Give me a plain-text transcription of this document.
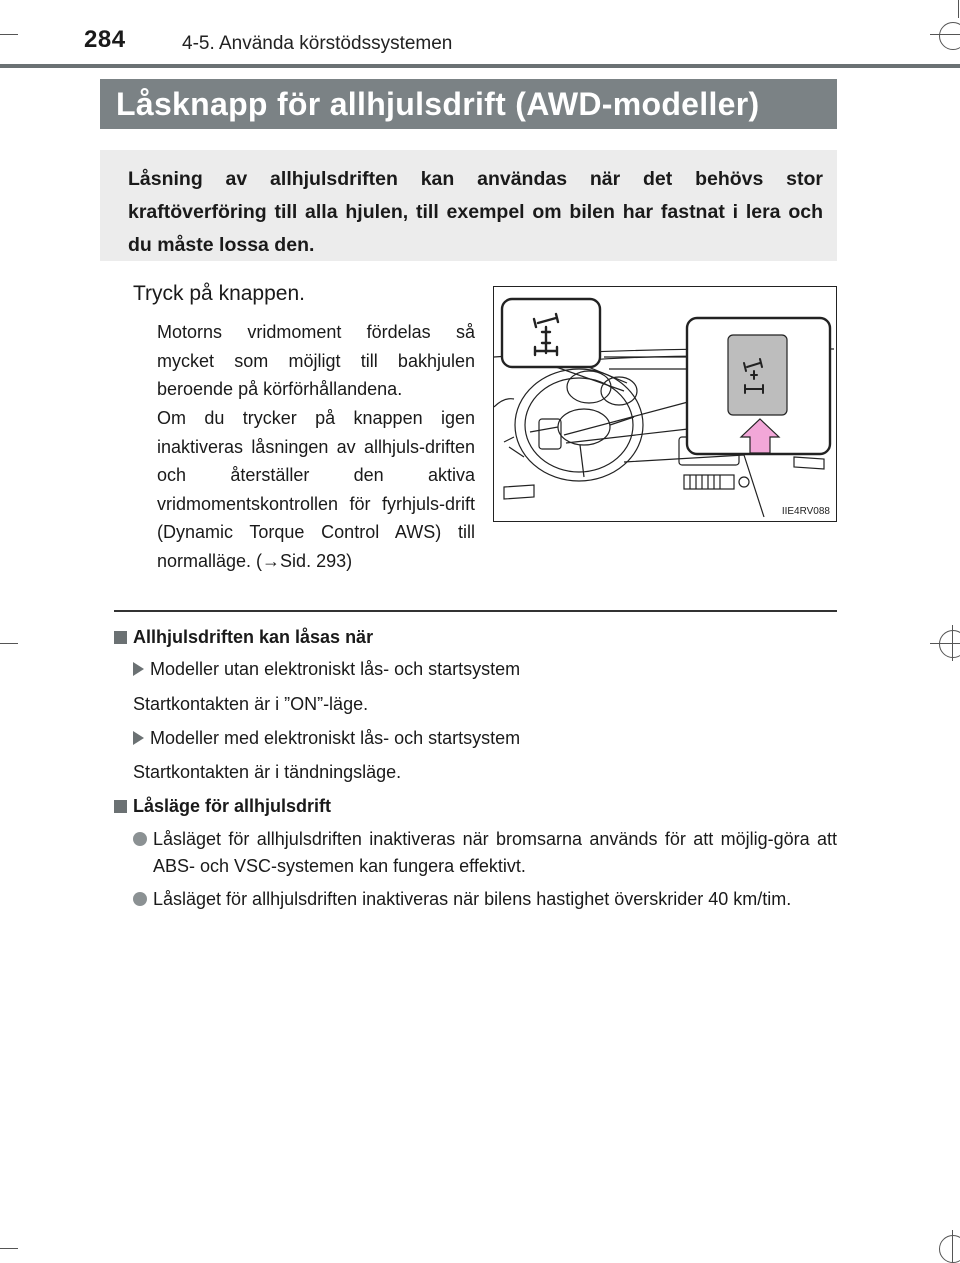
284	4-5. Använda körstödssystemen
Låsknapp för allhjulsdrift (AWD-modeller)
Låsning av allhjulsdriften kan användas när det behövs stor kraftöverföring till alla hjulen, till exempel om bilen har fastnat i lera och du måste lossa den.
Tryck på knappen.
Motorns vridmoment fördelas så mycket som möjligt till bakhjulen beroende på körförhållandena.
Om du trycker på knappen igen inaktiveras låsningen av allhjuls-driften och återställer den aktiva vridmomentskontrollen för fyrhjuls-drift (Dynamic Torque Control AWS) till normalläge. (→Sid. 293)
IIE4RV088
Allhjulsdriften kan låsas när
Modeller utan elektroniskt lås- och startsystem
Startkontakten är i ”ON”-läge.
Modeller med elektroniskt lås- och startsystem
Startkontakten är i tändningsläge.
Låsläge för allhjulsdrift
Låsläget för allhjulsdriften inaktiveras när bromsarna används för att möjlig-göra att ABS- och VSC-systemen kan fungera effektivt.
Låsläget för allhjulsdriften inaktiveras när bilens hastighet överskrider 40 km/tim.
